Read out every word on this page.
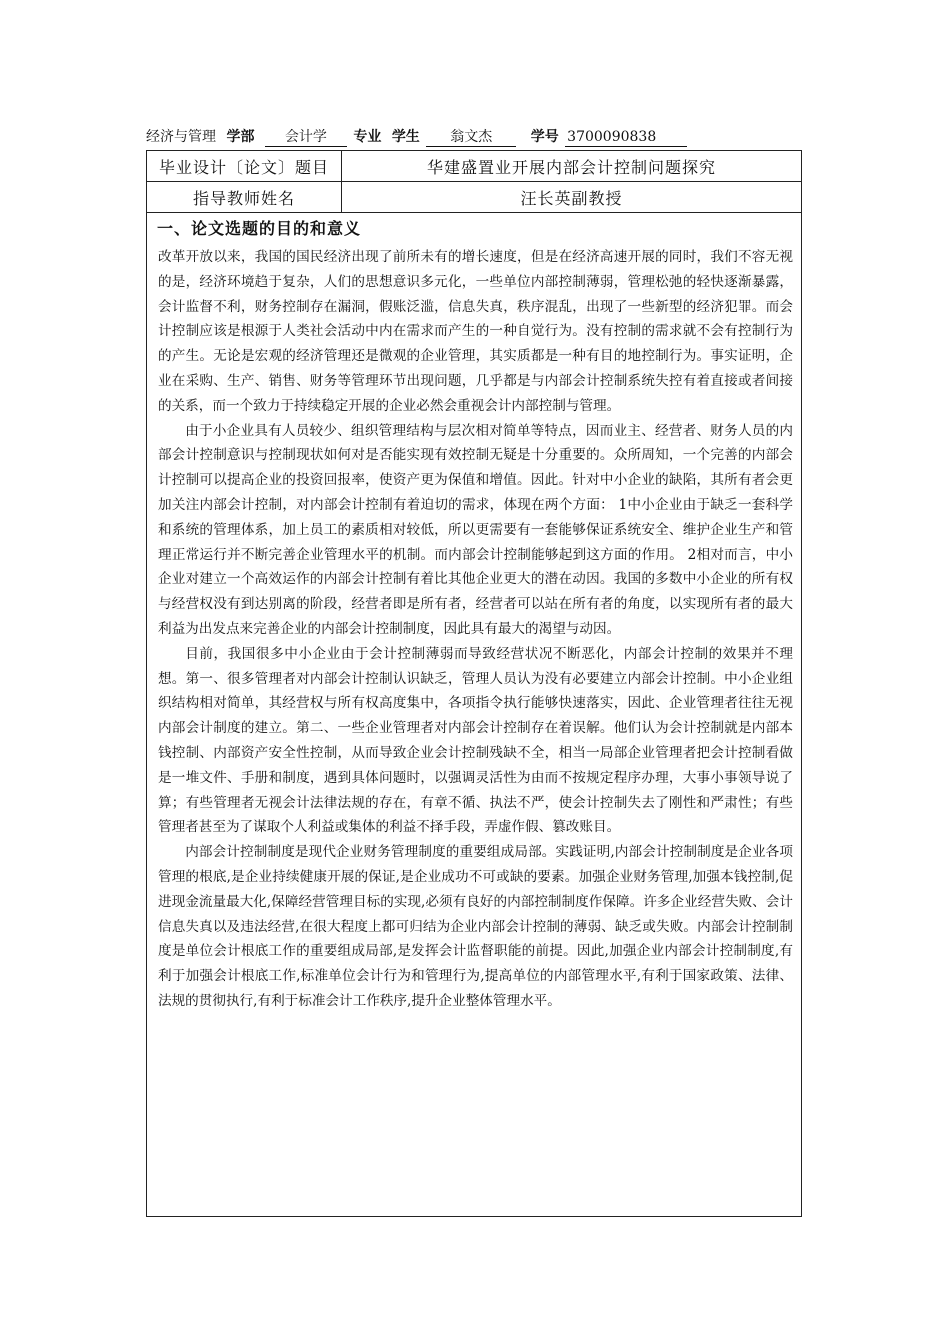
经济与管理 学部 会计学 专业 学生 翁文杰	学号 3700090838
毕业设计〔论文〕题目	华建盛置业开展内部会计控制问题探究
指导教师姓名	汪长英副教授
一、论文选题的目的和意义

改革开放以来，我国的国民经济出现了前所未有的增长速度，但是在经济高速开展的同时，我们不容无视的是，经济环境趋于复杂，人们的思想意识多元化，一些单位内部控制薄弱，管理松弛的轻快逐渐暴露，会计监督不利，财务控制存在漏洞，假账泛滥，信息失真，秩序混乱，出现了一些新型的经济犯罪。而会计控制应该是根源于人类社会活动中内在需求而产生的一种自觉行为。没有控制的需求就不会有控制行为的产生。无论是宏观的经济管理还是微观的企业管理，其实质都是一种有目的地控制行为。事实证明，企业在采购、生产、销售、财务等管理环节出现问题，几乎都是与内部会计控制系统失控有着直接或者间接的关系，而一个致力于持续稳定开展的企业必然会重视会计内部控制与管理。

由于小企业具有人员较少、组织管理结构与层次相对简单等特点，因而业主、经营者、财务人员的内部会计控制意识与控制现状如何对是否能实现有效控制无疑是十分重要的。众所周知，一个完善的内部会计控制可以提高企业的投资回报率，使资产更为保值和增值。因此。针对中小企业的缺陷，其所有者会更加关注内部会计控制，对内部会计控制有着迫切的需求，体现在两个方面： 1中小企业由于缺乏一套科学和系统的管理体系，加上员工的素质相对较低，所以更需要有一套能够保证系统安全、维护企业生产和管理正常运行并不断完善企业管理水平的机制。而内部会计控制能够起到这方面的作用。 2相对而言，中小企业对建立一个高效运作的内部会计控制有着比其他企业更大的潜在动因。我国的多数中小企业的所有权与经营权没有到达别离的阶段，经营者即是所有者，经营者可以站在所有者的角度，以实现所有者的最大利益为出发点来完善企业的内部会计控制制度，因此具有最大的渴望与动因。

目前，我国很多中小企业由于会计控制薄弱而导致经营状况不断恶化，内部会计控制的效果并不理想。第一、很多管理者对内部会计控制认识缺乏，管理人员认为没有必要建立内部会计控制。中小企业组织结构相对简单，其经营权与所有权高度集中，各项指令执行能够快速落实，因此、企业管理者往往无视内部会计制度的建立。第二、一些企业管理者对内部会计控制存在着误解。他们认为会计控制就是内部本钱控制、内部资产安全性控制，从而导致企业会计控制残缺不全，相当一局部企业管理者把会计控制看做是一堆文件、手册和制度，遇到具体问题时，以强调灵活性为由而不按规定程序办理，大事小事领导说了算；有些管理者无视会计法律法规的存在，有章不循、执法不严，使会计控制失去了刚性和严肃性；有些管理者甚至为了谋取个人利益或集体的利益不择手段，弄虚作假、篡改账目。

内部会计控制制度是现代企业财务管理制度的重要组成局部。实践证明,内部会计控制制度是企业各项管理的根底,是企业持续健康开展的保证,是企业成功不可或缺的要素。加强企业财务管理,加强本钱控制,促进现金流量最大化,保障经营管理目标的实现,必须有良好的内部控制制度作保障。许多企业经营失败、会计信息失真以及违法经营,在很大程度上都可归结为企业内部会计控制的薄弱、缺乏或失败。内部会计控制制度是单位会计根底工作的重要组成局部,是发挥会计监督职能的前提。因此,加强企业内部会计控制制度,有利于加强会计根底工作,标准单位会计行为和管理行为,提高单位的内部管理水平,有利于国家政策、法律、法规的贯彻执行,有利于标准会计工作秩序,提升企业整体管理水平。
